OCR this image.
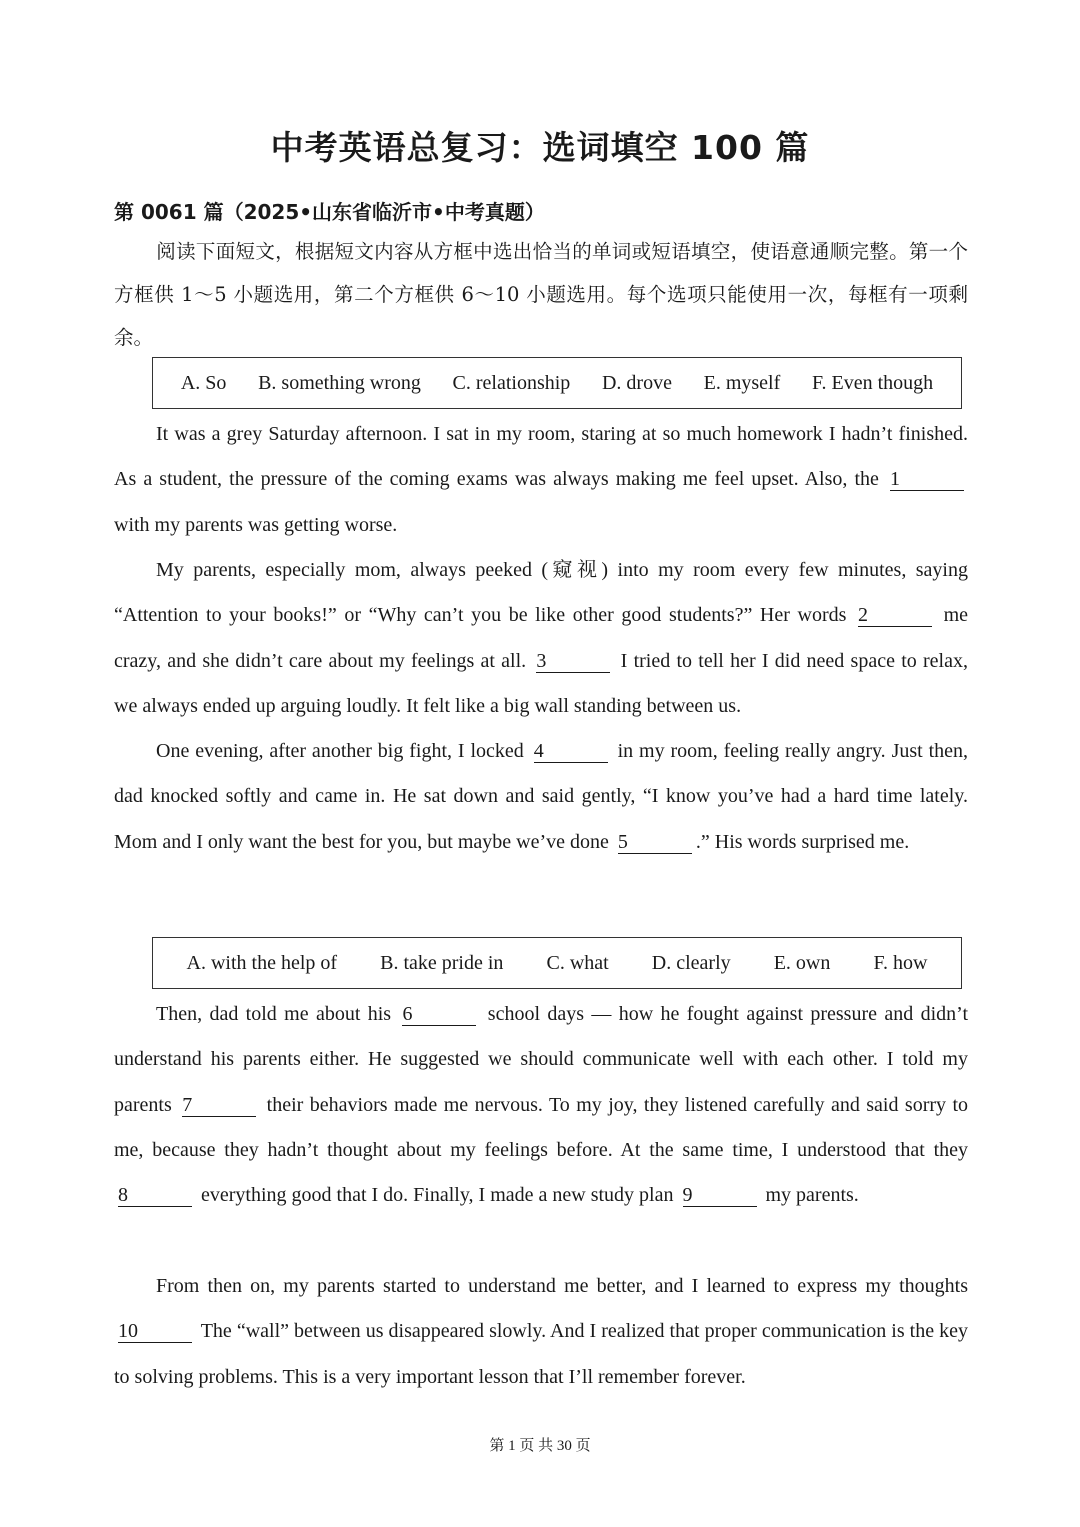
中考英语总复习：选词填空 100 篇
第 0061 篇（2025•山东省临沂市•中考真题）
阅读下面短文，根据短文内容从方框中选出恰当的单词或短语填空，使语意通顺完整。第一个方框供 1～5 小题选用，第二个方框供 6～10 小题选用。每个选项只能使用一次，每框有一项剩余。
A. So B. something wrong C. relationship D. drove E. myself F. Even though
It was a grey Saturday afternoon. I sat in my room, staring at so much homework I hadn’t finished. As a student, the pressure of the coming exams was always making me feel upset. Also, the 1 with my parents was getting worse.
My parents, especially mom, always peeked (窥视) into my room every few minutes, saying “Attention to your books!” or “Why can’t you be like other good students?” Her words 2	me crazy, and she didn’t care about my feelings at all. 3	I tried to tell her I did need space to relax, we always ended up arguing loudly. It felt like a big wall standing between us.
One evening, after another big fight, I locked 4	in my room, feeling really angry. Just then, dad knocked softly and came in. He sat down and said gently, “I know you’ve had a hard time lately. Mom and I only want the best for you, but maybe we’ve done 5	.” His words surprised me.
A. with the help of B. take pride in C. what D. clearly E. own F. how
Then, dad told me about his 6	school days — how he fought against pressure and didn’t understand his parents either. He suggested we should communicate well with each other. I told my parents 7	their behaviors made me nervous. To my joy, they listened carefully and said sorry to me, because they hadn’t thought about my feelings before. At the same time, I understood that they 8	everything good that I do. Finally, I made a new study plan 9	my parents.
From then on, my parents started to understand me better, and I learned to express my thoughts 10	The “wall” between us disappeared slowly. And I realized that proper communication is the key to solving problems. This is a very important lesson that I’ll remember forever.
第 1 页 共 30 页
